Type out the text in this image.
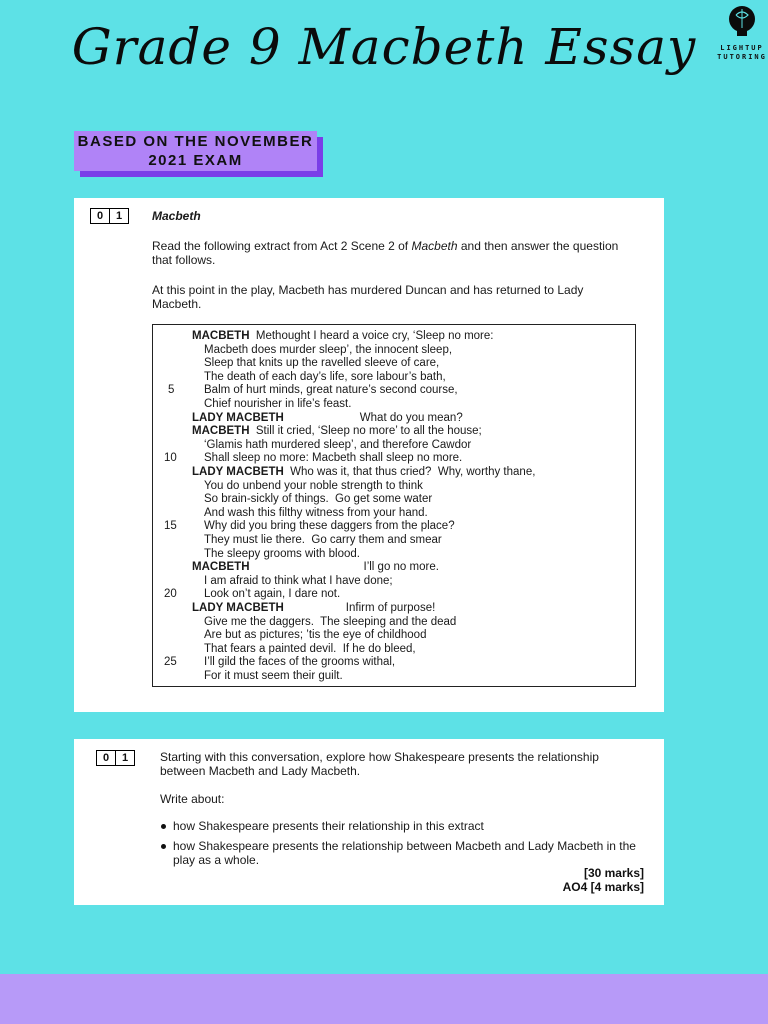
Grade 9 Macbeth Essay	LIGHTUP
TUTORING
BASED ON THE NOVEMBER
2021 EXAM
0	1	Macbeth
Read the following extract from Act 2 Scene 2 of Macbeth and then answer the question
that follows.
At this point in the play, Macbeth has murdered Duncan and has returned to Lady
Macbeth.
MACBETH  Methought I heard a voice cry, ‘Sleep no more:
Macbeth does murder sleep’, the innocent sleep,
Sleep that knits up the ravelled sleeve of care,
The death of each day’s life, sore labour’s bath,
Balm of hurt minds, great nature’s second course,
5
Chief nourisher in life’s feast.
LADY MACBETH	What do you mean?
MACBETH  Still it cried, ‘Sleep no more’ to all the house;
‘Glamis hath murdered sleep’, and therefore Cawdor
Shall sleep no more: Macbeth shall sleep no more.
10
LADY MACBETH  Who was it, that thus cried?  Why, worthy thane,
You do unbend your noble strength to think
So brain-sickly of things.  Go get some water
And wash this filthy witness from your hand.
Why did you bring these daggers from the place?
15
They must lie there.  Go carry them and smear
The sleepy grooms with blood.
MACBETH	I’ll go no more.
I am afraid to think what I have done;
Look on’t again, I dare not.
20
LADY MACBETH	Infirm of purpose!
Give me the daggers.  The sleeping and the dead
Are but as pictures; ’tis the eye of childhood
That fears a painted devil.  If he do bleed,
I’ll gild the faces of the grooms withal,
25
For it must seem their guilt.
0	1	Starting with this conversation, explore how Shakespeare presents the relationship
between Macbeth and Lady Macbeth.
Write about:
how Shakespeare presents their relationship in this extract
how Shakespeare presents the relationship between Macbeth and Lady Macbeth in the
play as a whole.
[30 marks]
AO4 [4 marks]
